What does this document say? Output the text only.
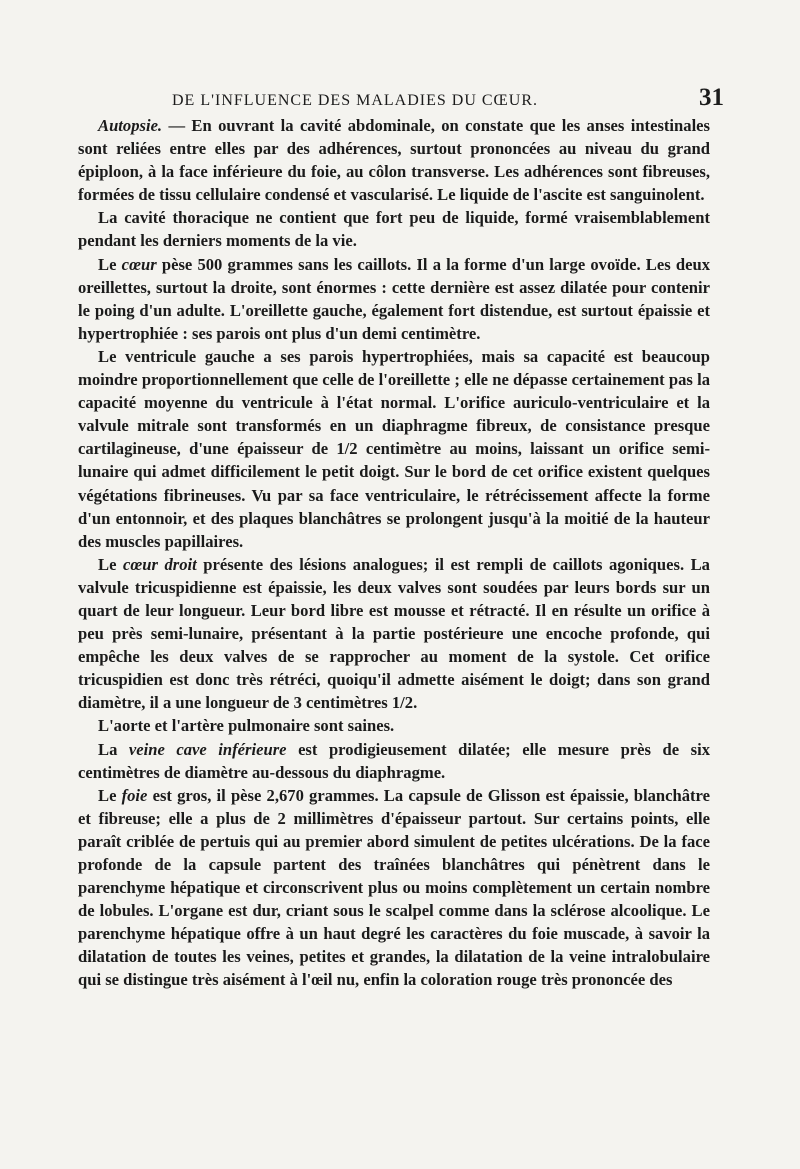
DE L'INFLUENCE DES MALADIES DU CŒUR.	31

Autopsie. — En ouvrant la cavité abdominale, on constate que les anses intestinales sont reliées entre elles par des adhérences, surtout prononcées au niveau du grand épiploon, à la face inférieure du foie, au côlon transverse. Les adhérences sont fibreuses, formées de tissu cellulaire condensé et vascularisé. Le liquide de l'ascite est sanguinolent.

La cavité thoracique ne contient que fort peu de liquide, formé vraisemblablement pendant les derniers moments de la vie.

Le cœur pèse 500 grammes sans les caillots. Il a la forme d'un large ovoïde. Les deux oreillettes, surtout la droite, sont énormes : cette dernière est assez dilatée pour contenir le poing d'un adulte. L'oreillette gauche, également fort distendue, est surtout épaissie et hypertrophiée : ses parois ont plus d'un demi centimètre.

Le ventricule gauche a ses parois hypertrophiées, mais sa capacité est beaucoup moindre proportionnellement que celle de l'oreillette ; elle ne dépasse certainement pas la capacité moyenne du ventricule à l'état normal. L'orifice auriculo-ventriculaire et la valvule mitrale sont transformés en un diaphragme fibreux, de consistance presque cartilagineuse, d'une épaisseur de 1/2 centimètre au moins, laissant un orifice semi-lunaire qui admet difficilement le petit doigt. Sur le bord de cet orifice existent quelques végétations fibrineuses. Vu par sa face ventriculaire, le rétrécissement affecte la forme d'un entonnoir, et des plaques blanchâtres se prolongent jusqu'à la moitié de la hauteur des muscles papillaires.

Le cœur droit présente des lésions analogues; il est rempli de caillots agoniques. La valvule tricuspidienne est épaissie, les deux valves sont soudées par leurs bords sur un quart de leur longueur. Leur bord libre est mousse et rétracté. Il en résulte un orifice à peu près semi-lunaire, présentant à la partie postérieure une encoche profonde, qui empêche les deux valves de se rapprocher au moment de la systole. Cet orifice tricuspidien est donc très rétréci, quoiqu'il admette aisément le doigt; dans son grand diamètre, il a une longueur de 3 centimètres 1/2.

L'aorte et l'artère pulmonaire sont saines.

La veine cave inférieure est prodigieusement dilatée; elle mesure près de six centimètres de diamètre au-dessous du diaphragme.

Le foie est gros, il pèse 2,670 grammes. La capsule de Glisson est épaissie, blanchâtre et fibreuse; elle a plus de 2 millimètres d'épaisseur partout. Sur certains points, elle paraît criblée de pertuis qui au premier abord simulent de petites ulcérations. De la face profonde de la capsule partent des traînées blanchâtres qui pénètrent dans le parenchyme hépatique et circonscrivent plus ou moins complètement un certain nombre de lobules. L'organe est dur, criant sous le scalpel comme dans la sclérose alcoolique. Le parenchyme hépatique offre à un haut degré les caractères du foie muscade, à savoir la dilatation de toutes les veines, petites et grandes, la dilatation de la veine intralobulaire qui se distingue très aisément à l'œil nu, enfin la coloration rouge très prononcée des
